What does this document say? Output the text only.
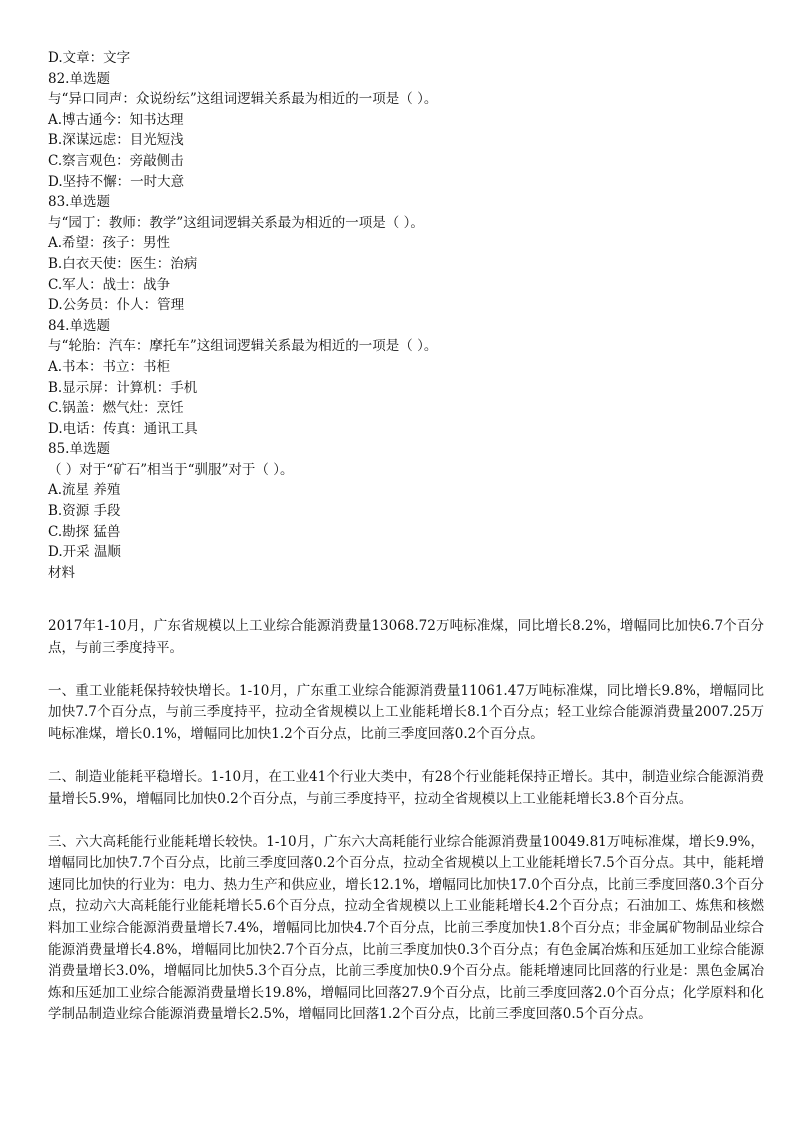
D.文章：文字
82.单选题
与“异口同声：众说纷纭”这组词逻辑关系最为相近的一项是（ ）。
A.博古通今：知书达理
B.深谋远虑：目光短浅
C.察言观色：旁敲侧击
D.坚持不懈：一时大意
83.单选题
与“园丁：教师：教学”这组词逻辑关系最为相近的一项是（ ）。
A.希望：孩子：男性
B.白衣天使：医生：治病
C.军人：战士：战争
D.公务员：仆人：管理
84.单选题
与“轮胎：汽车：摩托车”这组词逻辑关系最为相近的一项是（ ）。
A.书本：书立：书柜
B.显示屏：计算机：手机
C.锅盖：燃气灶：烹饪
D.电话：传真：通讯工具
85.单选题
（ ）对于“矿石”相当于“驯服”对于（ ）。
A.流星 养殖
B.资源 手段
C.勘探 猛兽
D.开采 温顺
材料

2017年1-10月，广东省规模以上工业综合能源消费量13068.72万吨标准煤，同比增长8.2%，增幅同比加快6.7个百分点，与前三季度持平。

一、重工业能耗保持较快增长。1-10月，广东重工业综合能源消费量11061.47万吨标准煤，同比增长9.8%，增幅同比加快7.7个百分点，与前三季度持平，拉动全省规模以上工业能耗增长8.1个百分点；轻工业综合能源消费量2007.25万吨标准煤，增长0.1%，增幅同比加快1.2个百分点，比前三季度回落0.2个百分点。

二、制造业能耗平稳增长。1-10月，在工业41个行业大类中，有28个行业能耗保持正增长。其中，制造业综合能源消费量增长5.9%，增幅同比加快0.2个百分点，与前三季度持平，拉动全省规模以上工业能耗增长3.8个百分点。

三、六大高耗能行业能耗增长较快。1-10月，广东六大高耗能行业综合能源消费量10049.81万吨标准煤，增长9.9%，增幅同比加快7.7个百分点，比前三季度回落0.2个百分点，拉动全省规模以上工业能耗增长7.5个百分点。其中，能耗增速同比加快的行业为：电力、热力生产和供应业，增长12.1%，增幅同比加快17.0个百分点，比前三季度回落0.3个百分点，拉动六大高耗能行业能耗增长5.6个百分点，拉动全省规模以上工业能耗增长4.2个百分点；石油加工、炼焦和核燃料加工业综合能源消费量增长7.4%，增幅同比加快4.7个百分点，比前三季度加快1.8个百分点；非金属矿物制品业综合能源消费量增长4.8%，增幅同比加快2.7个百分点，比前三季度加快0.3个百分点；有色金属冶炼和压延加工业综合能源消费量增长3.0%，增幅同比加快5.3个百分点，比前三季度加快0.9个百分点。能耗增速同比回落的行业是：黑色金属冶炼和压延加工业综合能源消费量增长19.8%，增幅同比回落27.9个百分点，比前三季度回落2.0个百分点；化学原料和化学制品制造业综合能源消费量增长2.5%，增幅同比回落1.2个百分点，比前三季度回落0.5个百分点。
